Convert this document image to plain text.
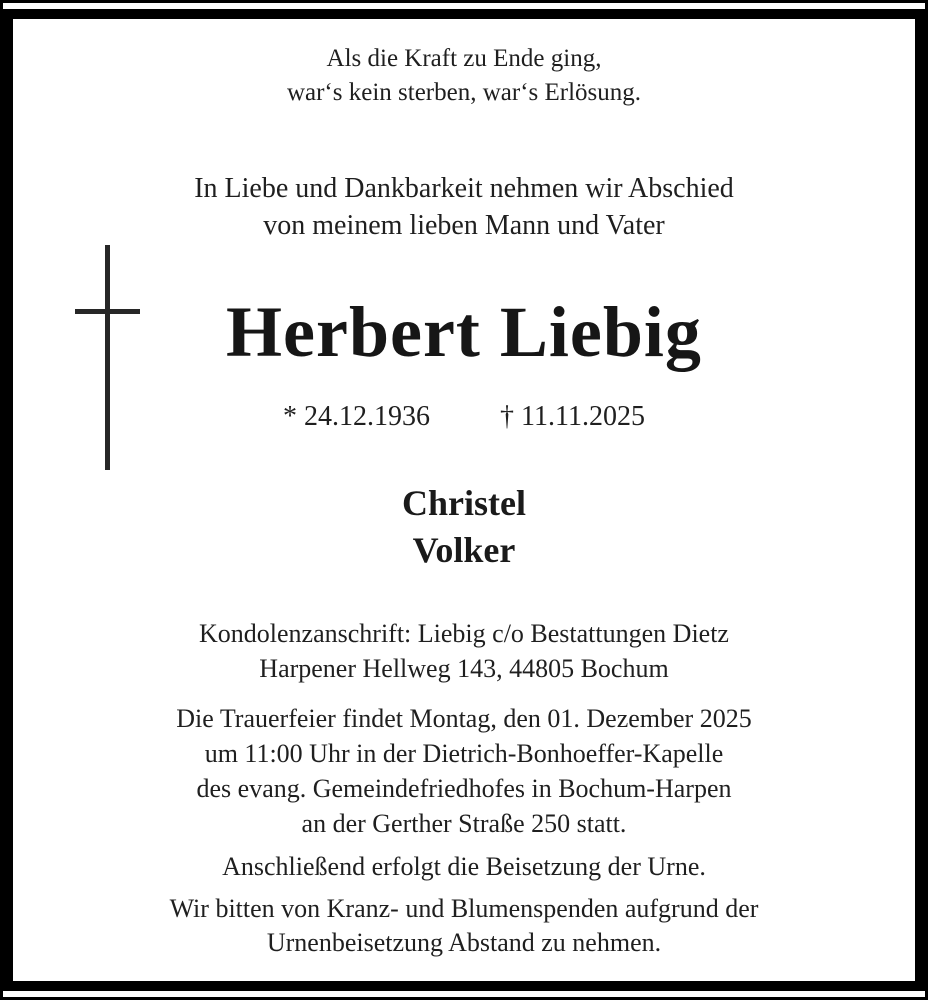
Als die Kraft zu Ende ging,
war‘s kein sterben, war‘s Erlösung.
In Liebe und Dankbarkeit nehmen wir Abschied
von meinem lieben Mann und Vater
Herbert Liebig
* 24.12.1936	† 11.11.2025
Christel
Volker
Kondolenzanschrift: Liebig c/o Bestattungen Dietz
Harpener Hellweg 143, 44805 Bochum
Die Trauerfeier findet Montag, den 01. Dezember 2025
um 11:00 Uhr in der Dietrich-Bonhoeffer-Kapelle
des evang. Gemeindefriedhofes in Bochum-Harpen
an der Gerther Straße 250 statt.
Anschließend erfolgt die Beisetzung der Urne.
Wir bitten von Kranz- und Blumenspenden aufgrund der
Urnenbeisetzung Abstand zu nehmen.
